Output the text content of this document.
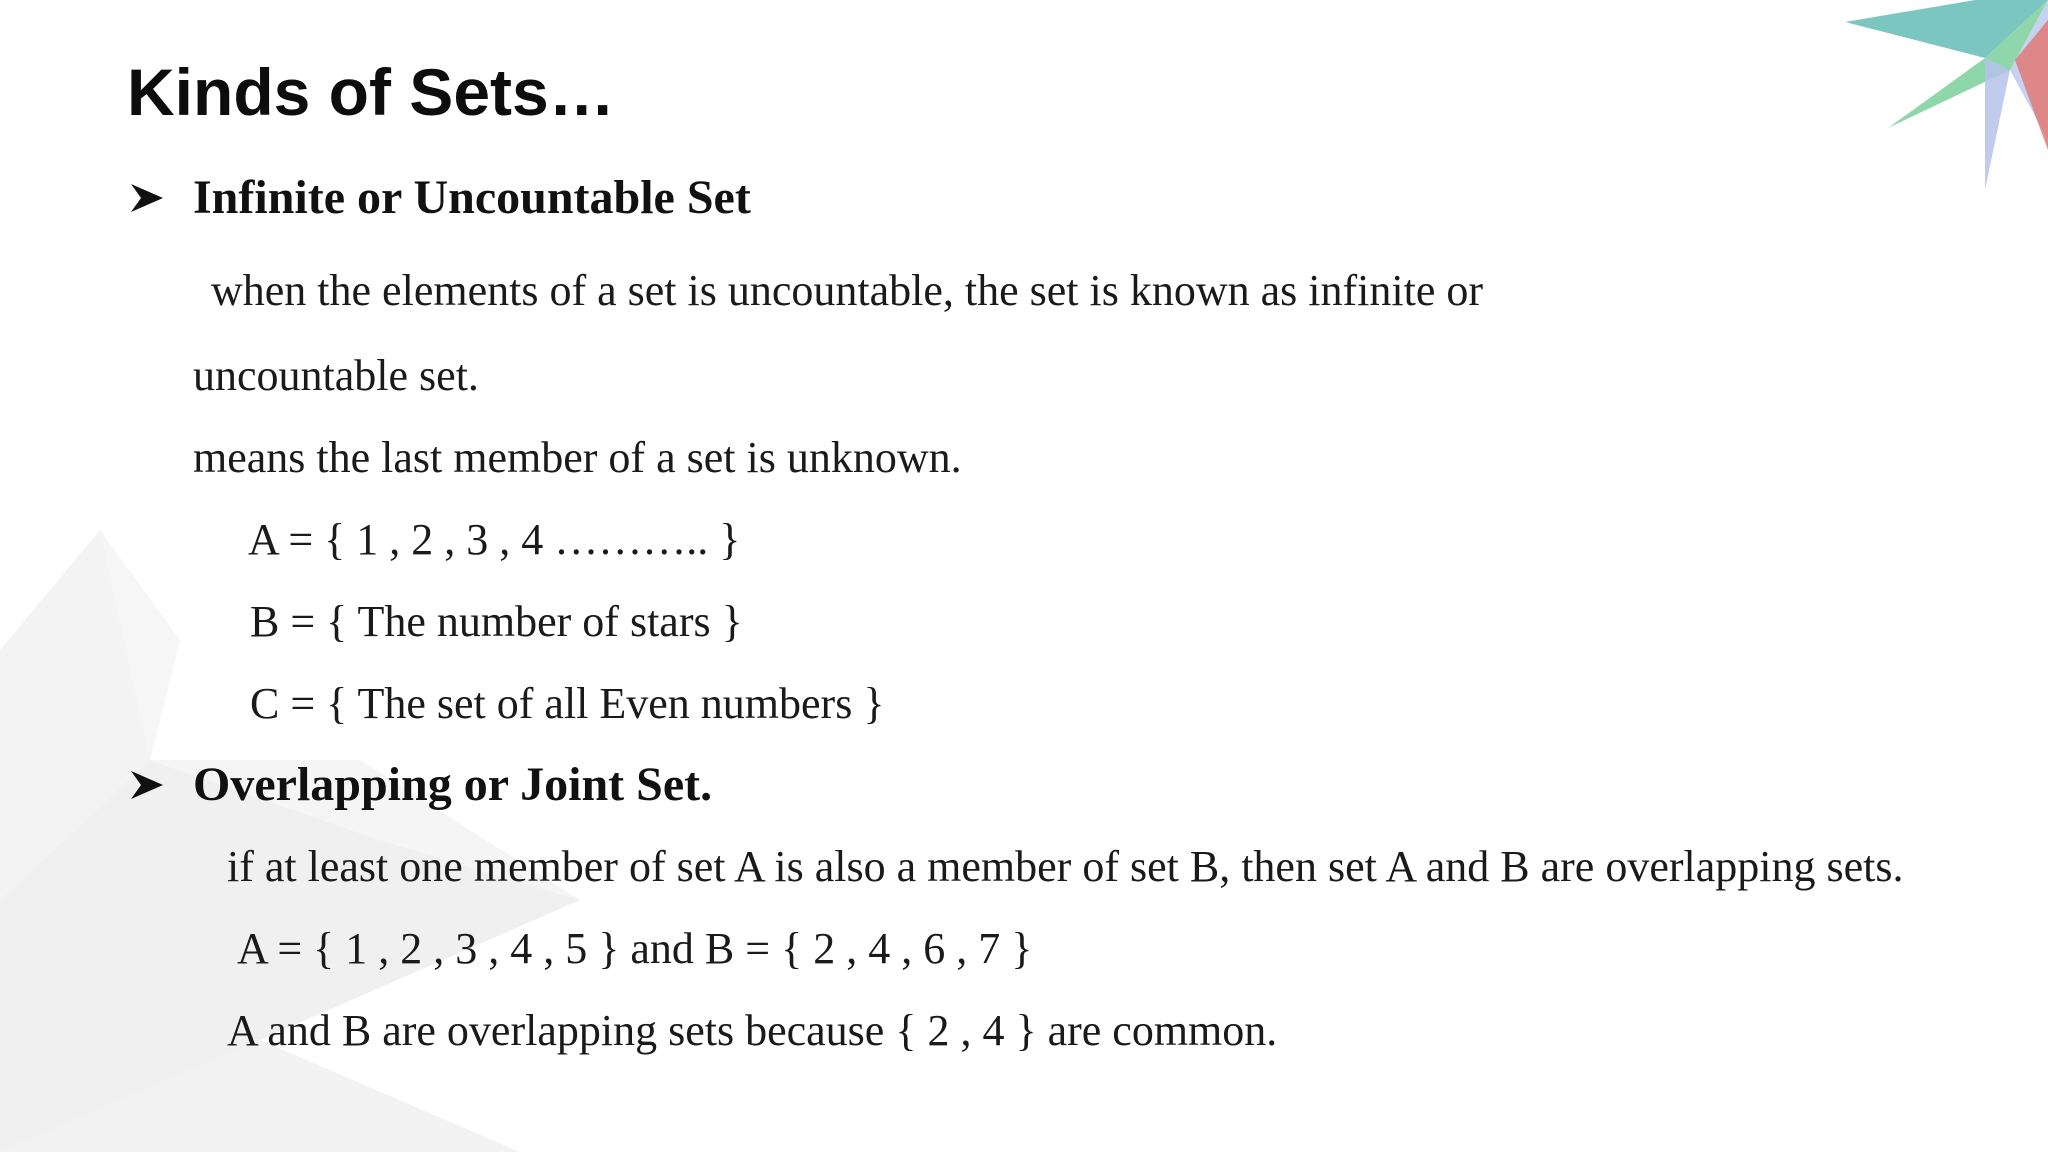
Kinds of Sets…
Infinite or Uncountable Set
when the elements of a set is uncountable, the set is known as infinite or
uncountable set.
means the last member of a set is unknown.
A = { 1 , 2 , 3 , 4 ……….. }
B = { The number of stars }
C = { The set of all Even numbers }
Overlapping or Joint Set.
if at least one member of set A is also a member of set B, then set A and B are overlapping sets.
A = { 1 , 2 , 3 , 4 , 5 } and B = { 2 , 4 , 6 , 7 }
A and B are overlapping sets because { 2 , 4 } are common.
